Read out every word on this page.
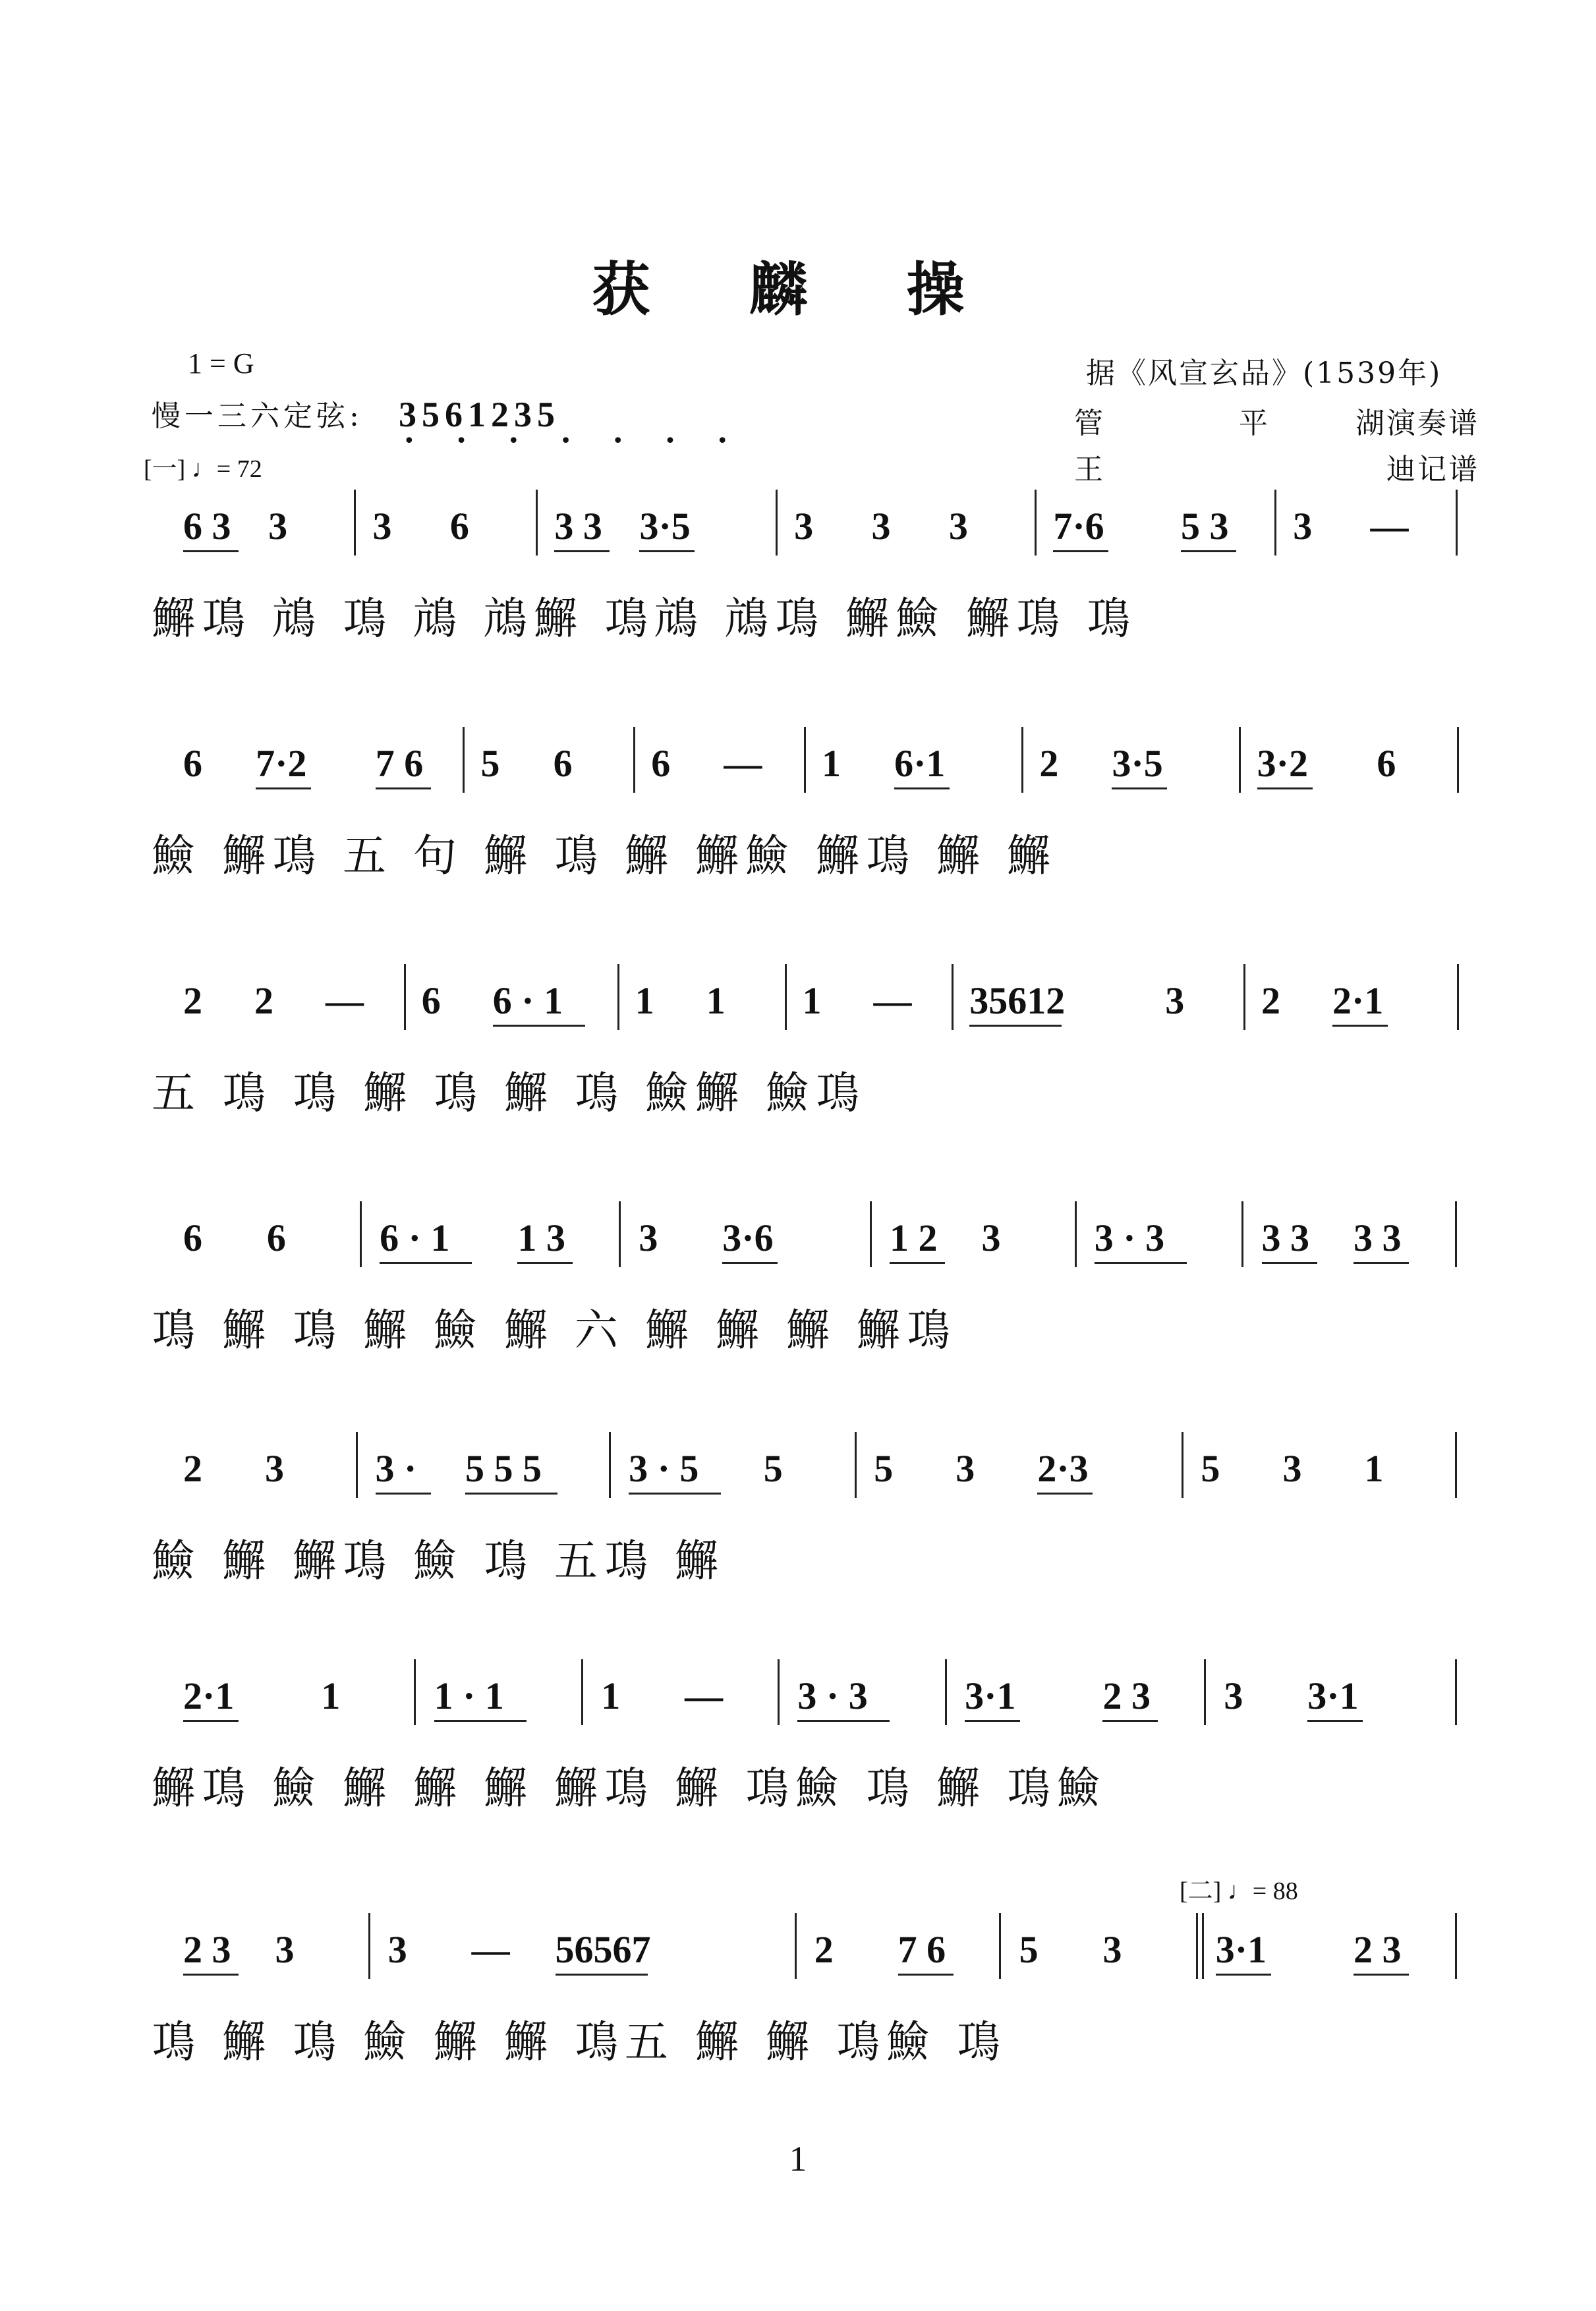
获 麟 操
1 = G
慢一三六定弦: 3561235
• • • • • • •
[一] ♩= 72
据《风宣玄品》(1539年)
管	平	湖演奏谱
王	迪记谱
6 3 3 3 6 3 3 3·5	3 3 3 7·6 5 3 3 —
䲒䲨 䲳 䲨 䲳 䲳䲒 䲨䲳 䲳䲨 䲒䲓 䲒䲨 䲨
6 7·2 7 6 5 6 6 — 1 6·1 2 3·5 3·2 6
䲓 䲒䲨 五 句 䲒 䲨 䲒 䲒䲓 䲒䲨 䲒 䲒
2 2 — 6 6 · 1 1 1 1 — 35612	3 2 2·1
五 䲨 䲨 䲒 䲨 䲒 䲨 䲓䲒 䲓䲨
6 6 6 · 1 1 3 3 3·6	1 2 3 3 · 3	3 3 3 3
䲨 䲒 䲨 䲒 䲓 䲒 六 䲒 䲒 䲒 䲒䲨
2 3 3 · 5 5 5 3 · 5 5 5 3 2·3	5 3 1
䲓 䲒 䲒䲨 䲓 䲨 五䲨 䲒
2·1 1 1 · 1	1 — 3 · 3	3·1 2 3 3 3·1
䲒䲨 䲓 䲒 䲒 䲒 䲒䲨 䲒 䲨䲓 䲨 䲒 䲨䲓
2 3 3 3 — 56567	2 7 6 5 3 3·1 2 3
䲨 䲒 䲨 䲓 䲒 䲒 䲨五 䲒 䲒 䲨䲓 䲨
[二] ♩= 88
1
